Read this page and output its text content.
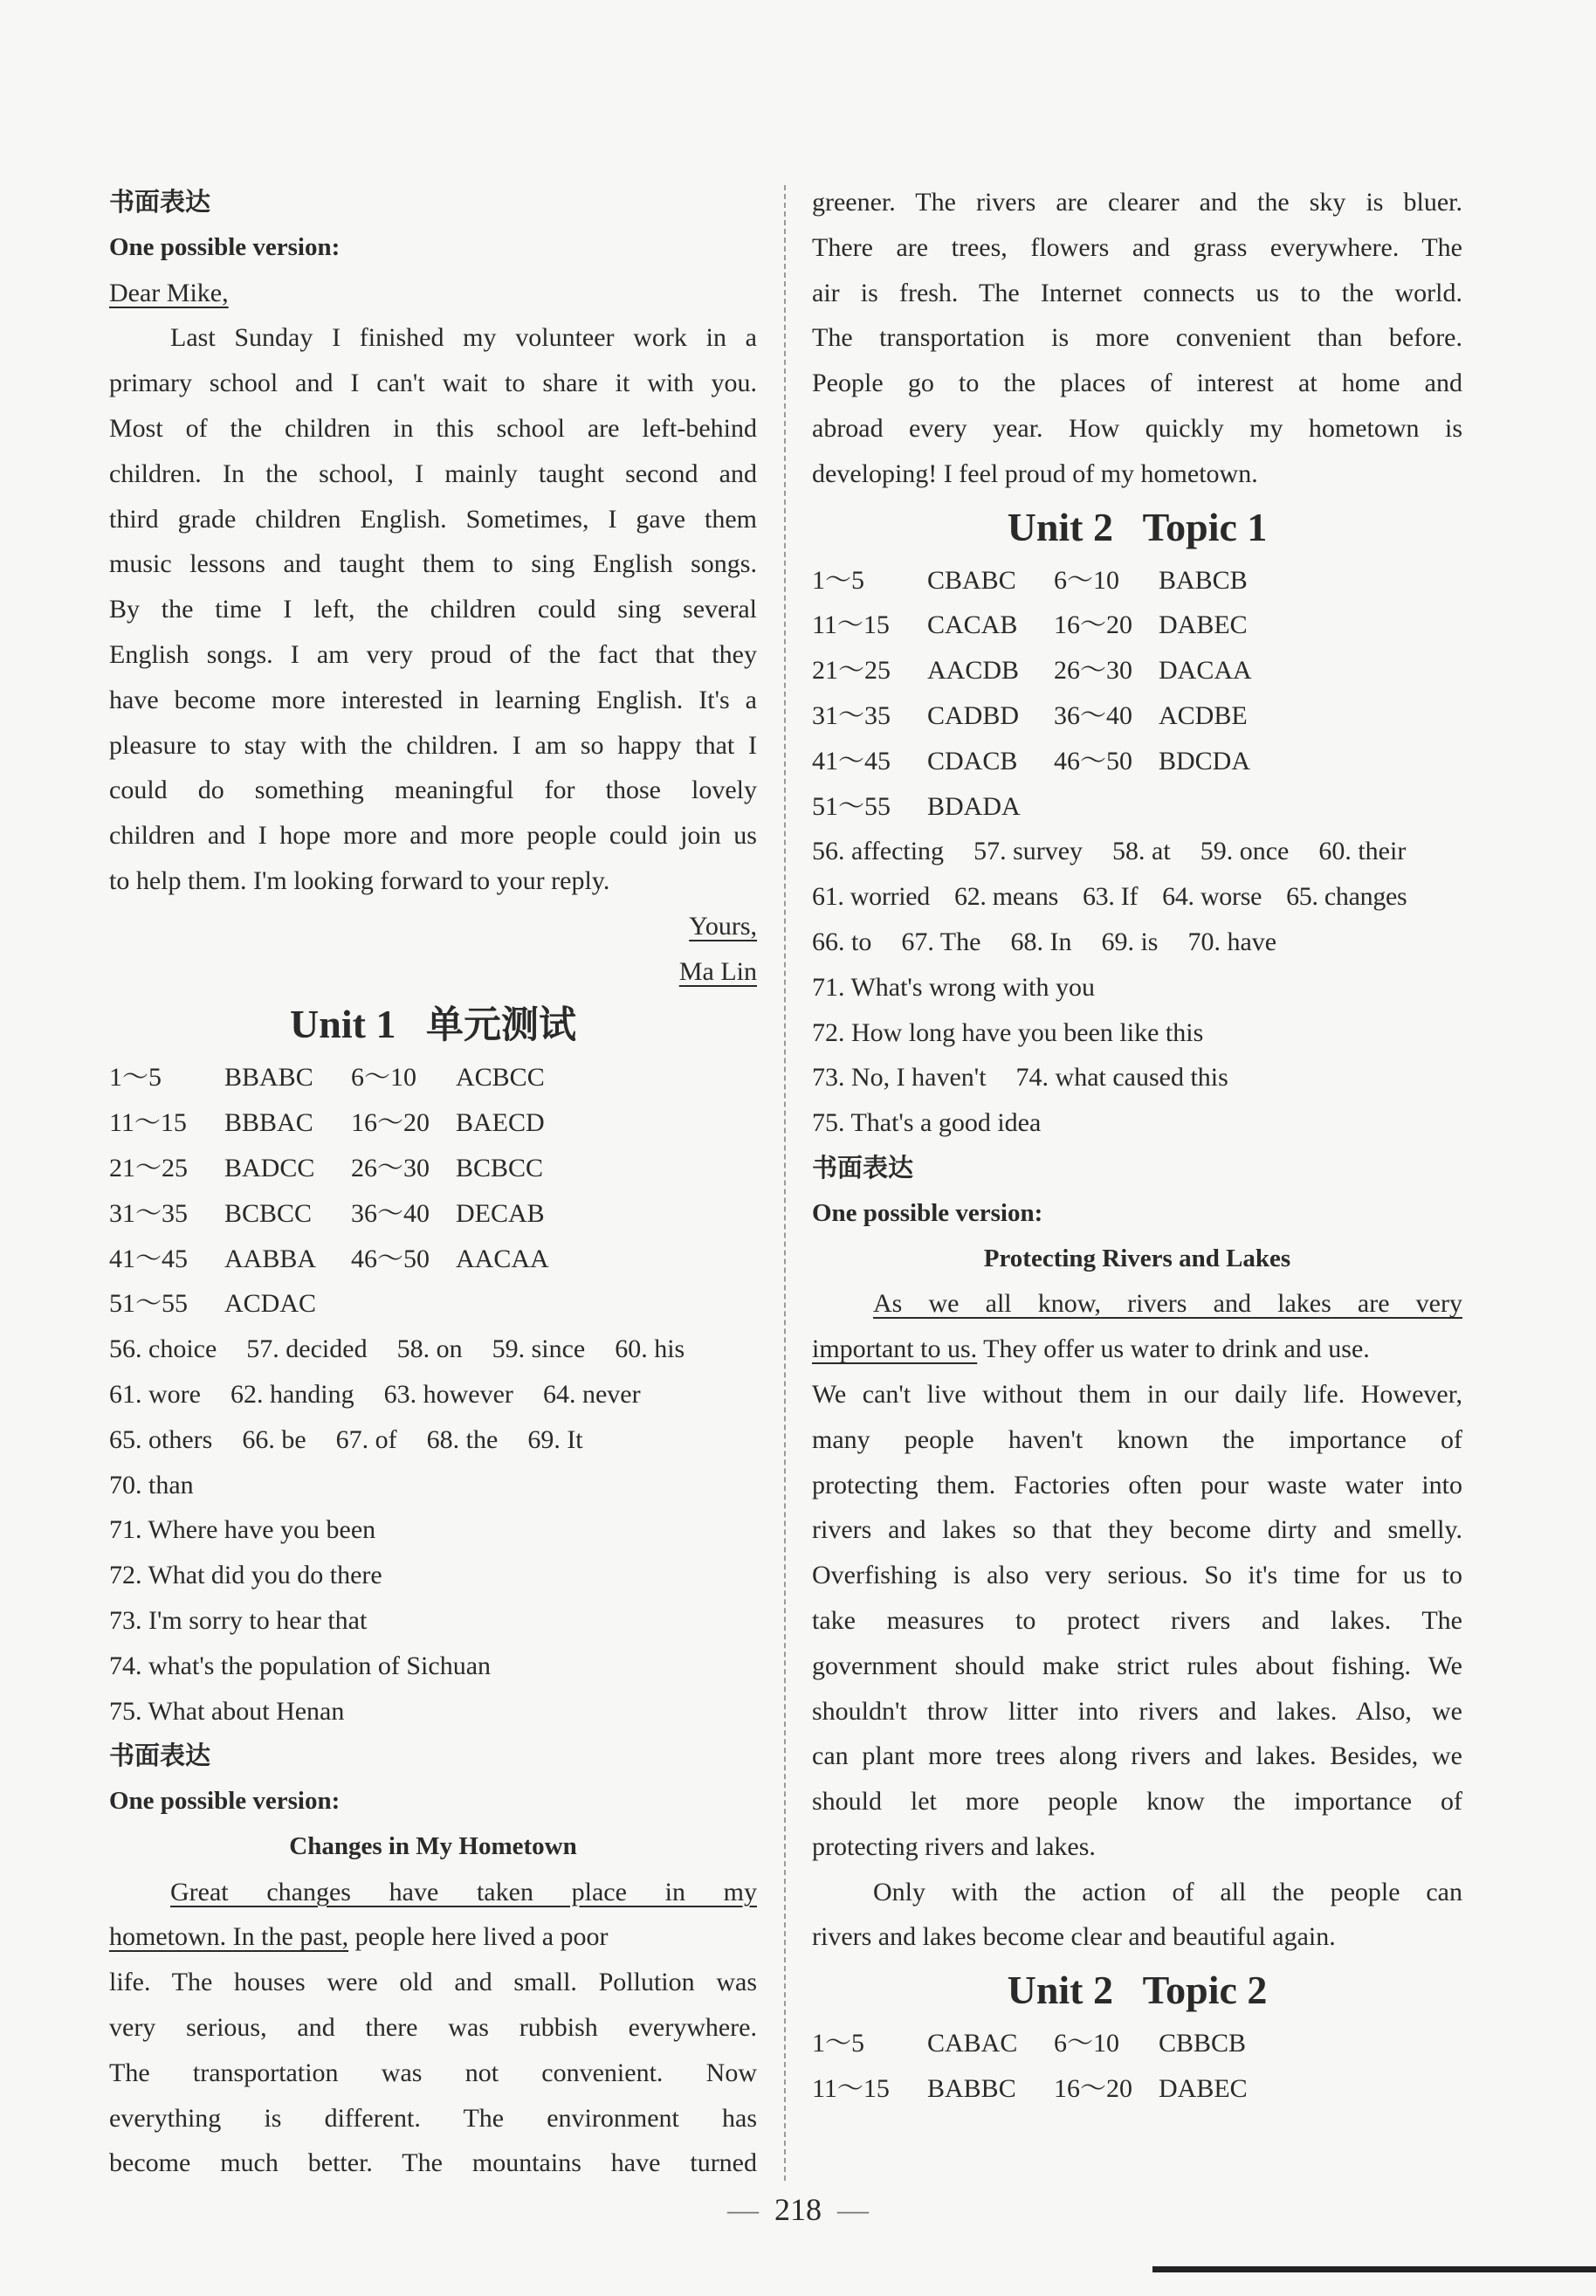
书面表达
One possible version:
Dear Mike,
Last Sunday I finished my volunteer work in a
primary school and I can't wait to share it with you.
Most of the children in this school are left-behind
children. In the school, I mainly taught second and
third grade children English. Sometimes, I gave them
music lessons and taught them to sing English songs.
By the time I left, the children could sing several
English songs. I am very proud of the fact that they
have become more interested in learning English. It's a
pleasure to stay with the children. I am so happy that I
could do something meaningful for those lovely
children and I hope more and more people could join us
to help them. I'm looking forward to your reply.
Yours,
Ma Lin
Unit 1 单元测试
1～5 BBABC 6～10 ACBCC
11～15 BBBAC 16～20 BAECD
21～25 BADCC 26～30 BCBCC
31～35 BCBCC 36～40 DECAB
41～45 AABBA 46～50 AACAA
51～55 ACDAC
56. choice 57. decided 58. on 59. since 60. his
61. wore 62. handing 63. however 64. never
65. others 66. be 67. of 68. the 69. It
70. than
71. Where have you been
72. What did you do there
73. I'm sorry to hear that
74. what's the population of Sichuan
75. What about Henan
书面表达
One possible version:
Changes in My Hometown
Great changes have taken place in my
hometown. In the past, people here lived a poor
life. The houses were old and small. Pollution was
very serious, and there was rubbish everywhere.
The transportation was not convenient. Now
everything is different. The environment has
become much better. The mountains have turned
greener. The rivers are clearer and the sky is bluer.
There are trees, flowers and grass everywhere. The
air is fresh. The Internet connects us to the world.
The transportation is more convenient than before.
People go to the places of interest at home and
abroad every year. How quickly my hometown is
developing! I feel proud of my hometown.
Unit 2   Topic 1
1～5 CBABC 6～10 BABCB
11～15 CACAB 16～20 DABEC
21～25 AACDB 26～30 DACAA
31～35 CADBD 36～40 ACDBE
41～45 CDACB 46～50 BDCDA
51～55 BDADA
56. affecting 57. survey 58. at 59. once 60. their
61. worried 62. means 63. If 64. worse 65. changes
66. to 67. The 68. In 69. is 70. have
71. What's wrong with you
72. How long have you been like this
73. No, I haven't 74. what caused this
75. That's a good idea
书面表达
One possible version:
Protecting Rivers and Lakes
As we all know, rivers and lakes are very
important to us. They offer us water to drink and use.
We can't live without them in our daily life. However,
many people haven't known the importance of
protecting them. Factories often pour waste water into
rivers and lakes so that they become dirty and smelly.
Overfishing is also very serious. So it's time for us to
take measures to protect rivers and lakes. The
government should make strict rules about fishing. We
shouldn't throw litter into rivers and lakes. Also, we
can plant more trees along rivers and lakes. Besides, we
should let more people know the importance of
protecting rivers and lakes.
Only with the action of all the people can
rivers and lakes become clear and beautiful again.
Unit 2   Topic 2
1～5 CABAC 6～10 CBBCB
11～15 BABBC 16～20 DABEC
— 218 —
